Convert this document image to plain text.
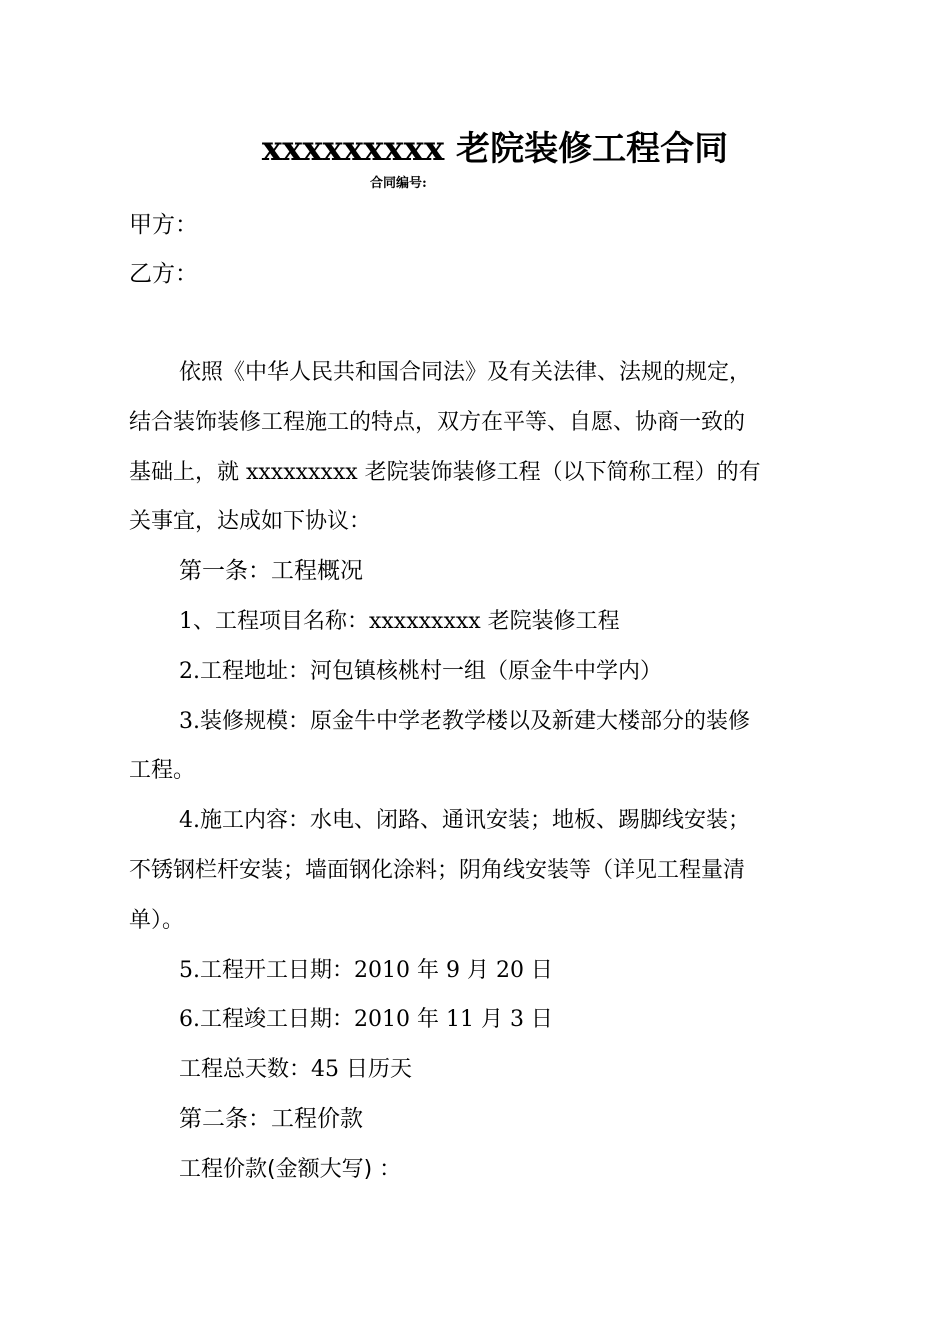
xxxxxxxxx 老院装修工程合同
合同编号:
甲方：
乙方：

依照《中华人民共和国合同法》及有关法律、法规的规定，

结合装饰装修工程施工的特点，双方在平等、自愿、协商一致的

基础上，就 xxxxxxxxx 老院装饰装修工程（以下简称工程）的有

关事宜，达成如下协议：

第一条：工程概况

1、工程项目名称：xxxxxxxxx 老院装修工程

2.工程地址：河包镇核桃村一组（原金牛中学内）

3.装修规模：原金牛中学老教学楼以及新建大楼部分的装修

工程。

4.施工内容：水电、闭路、通讯安装；地板、踢脚线安装；

不锈钢栏杆安装；墙面钢化涂料；阴角线安装等（详见工程量清

单）。

5.工程开工日期：2010 年 9 月 20 日

6.工程竣工日期：2010 年 11 月 3 日

工程总天数：45 日历天

第二条：工程价款

工程价款(金额大写) ：
